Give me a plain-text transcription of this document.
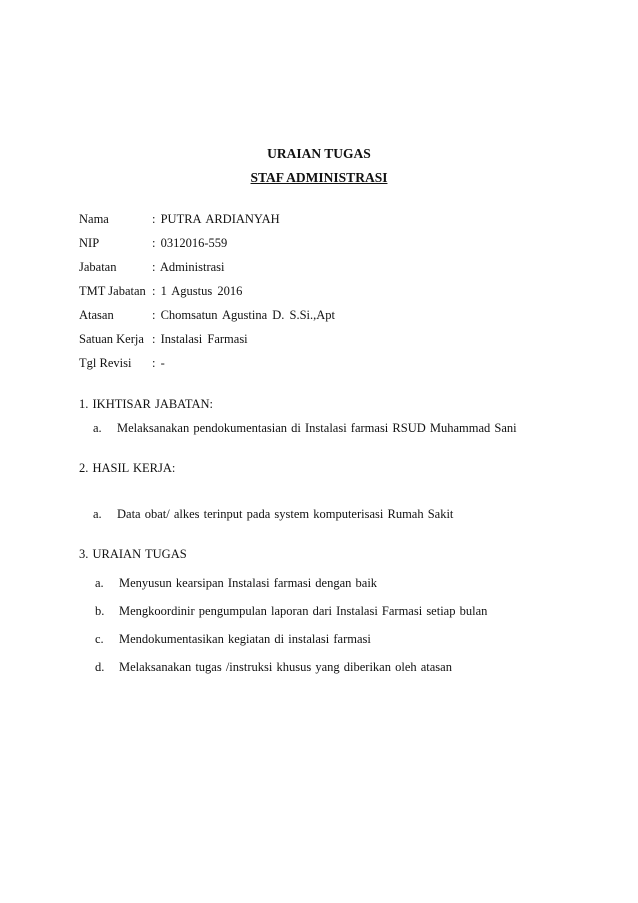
URAIAN TUGAS
STAF ADMINISTRASI
Nama	: PUTRA ARDIANYAH
NIP	: 0312016-559
Jabatan	: Administrasi
TMT Jabatan : 1 Agustus 2016
Atasan	: Chomsatun Agustina D. S.Si.,Apt
Satuan Kerja : Instalasi Farmasi
Tgl Revisi	: -
1. IKHTISAR JABATAN:
a. Melaksanakan pendokumentasian di Instalasi farmasi RSUD Muhammad Sani
2. HASIL KERJA:
a. Data obat/ alkes terinput pada system komputerisasi Rumah Sakit
3. URAIAN TUGAS
a. Menyusun kearsipan Instalasi farmasi dengan baik
b. Mengkoordinir pengumpulan laporan dari Instalasi Farmasi setiap bulan
c. Mendokumentasikan kegiatan di instalasi farmasi
d. Melaksanakan tugas /instruksi khusus yang diberikan oleh atasan
